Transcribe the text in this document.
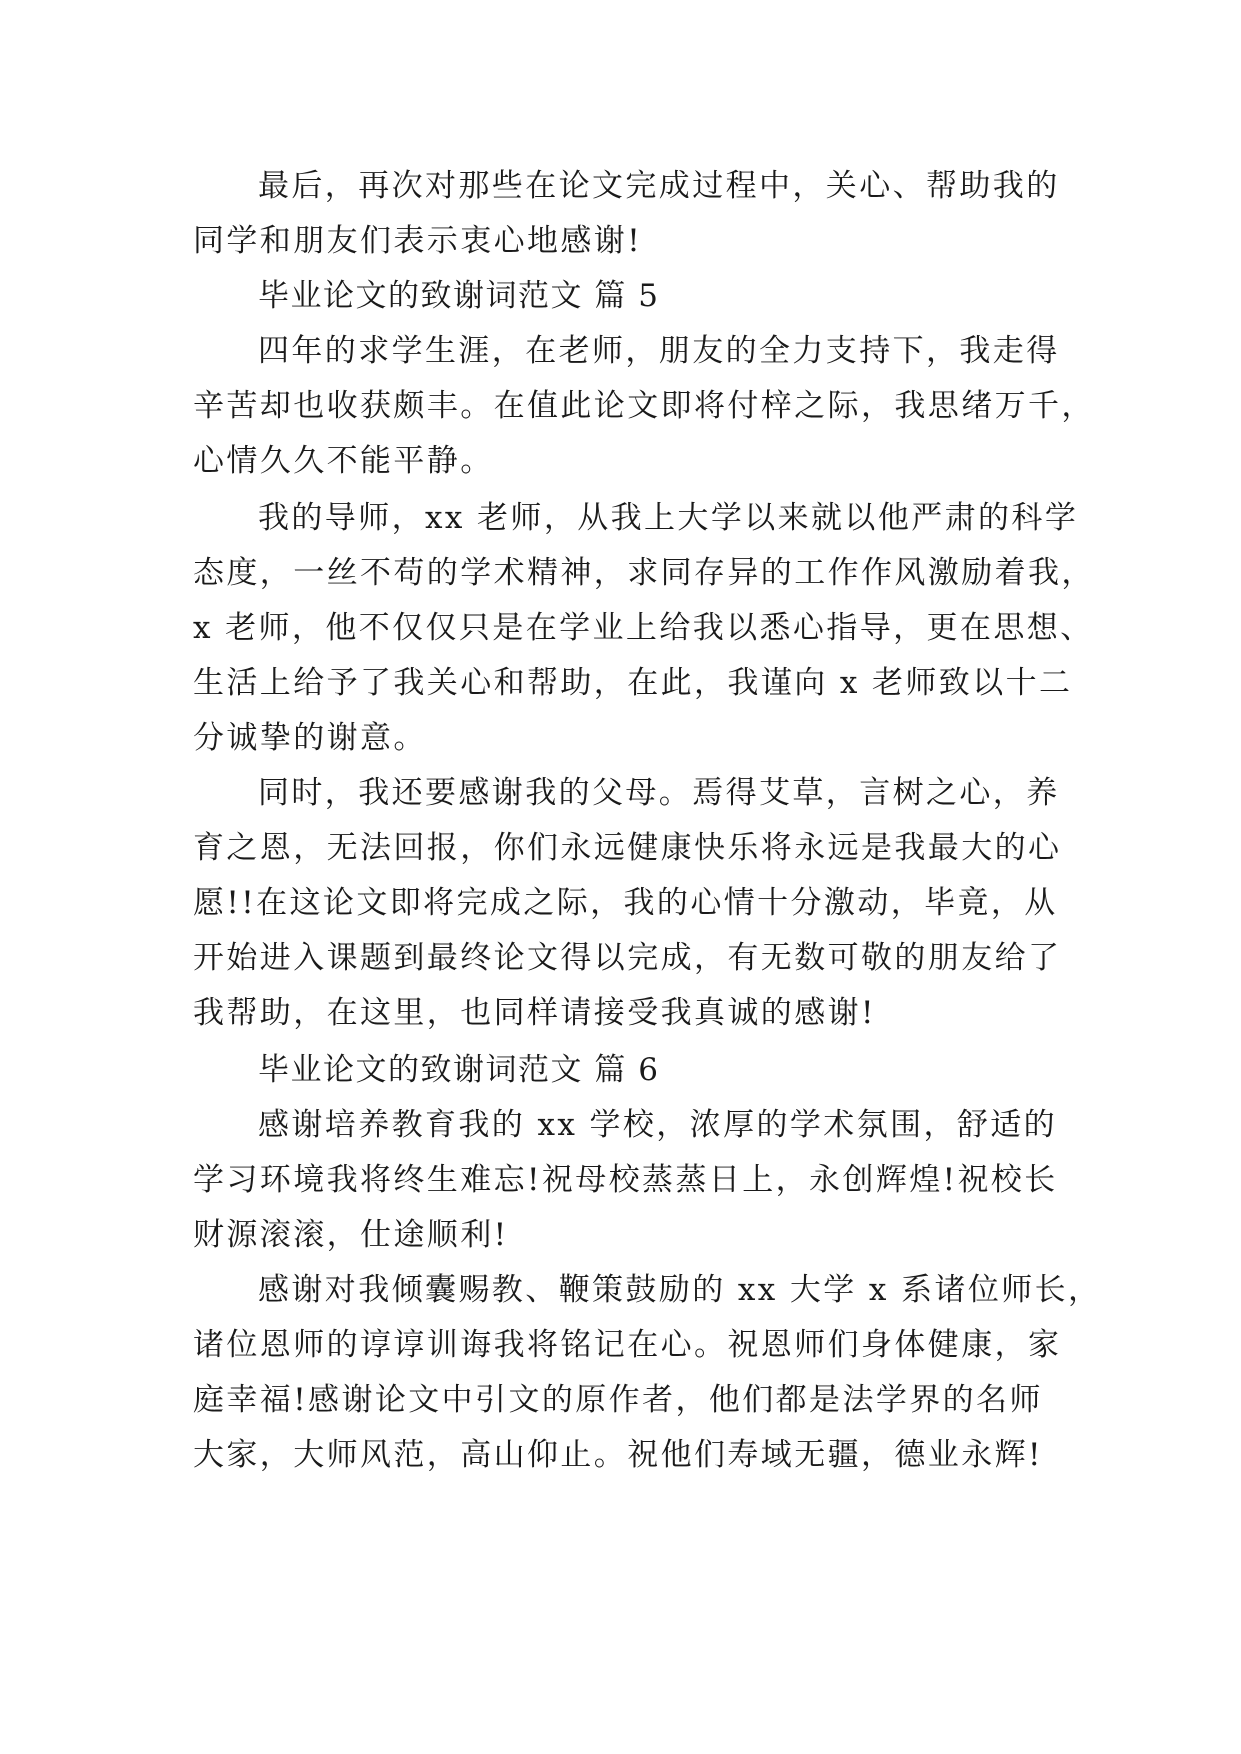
最后，再次对那些在论文完成过程中，关心、帮助我的
同学和朋友们表示衷心地感谢!
毕业论文的致谢词范文 篇 5
四年的求学生涯，在老师，朋友的全力支持下，我走得
辛苦却也收获颇丰。在值此论文即将付梓之际，我思绪万千，
心情久久不能平静。
我的导师，xx 老师，从我上大学以来就以他严肃的科学
态度，一丝不苟的学术精神，求同存异的工作作风激励着我，
x 老师，他不仅仅只是在学业上给我以悉心指导，更在思想、
生活上给予了我关心和帮助，在此，我谨向 x 老师致以十二
分诚挚的谢意。
同时，我还要感谢我的父母。焉得艾草，言树之心，养
育之恩，无法回报，你们永远健康快乐将永远是我最大的心
愿!!在这论文即将完成之际，我的心情十分激动，毕竟，从
开始进入课题到最终论文得以完成，有无数可敬的朋友给了
我帮助，在这里，也同样请接受我真诚的感谢!
毕业论文的致谢词范文 篇 6
感谢培养教育我的 xx 学校，浓厚的学术氛围，舒适的
学习环境我将终生难忘!祝母校蒸蒸日上，永创辉煌!祝校长
财源滚滚，仕途顺利!
感谢对我倾囊赐教、鞭策鼓励的 xx 大学 x 系诸位师长，
诸位恩师的谆谆训诲我将铭记在心。祝恩师们身体健康，家
庭幸福!感谢论文中引文的原作者，他们都是法学界的名师
大家，大师风范，高山仰止。祝他们寿域无疆，德业永辉!
